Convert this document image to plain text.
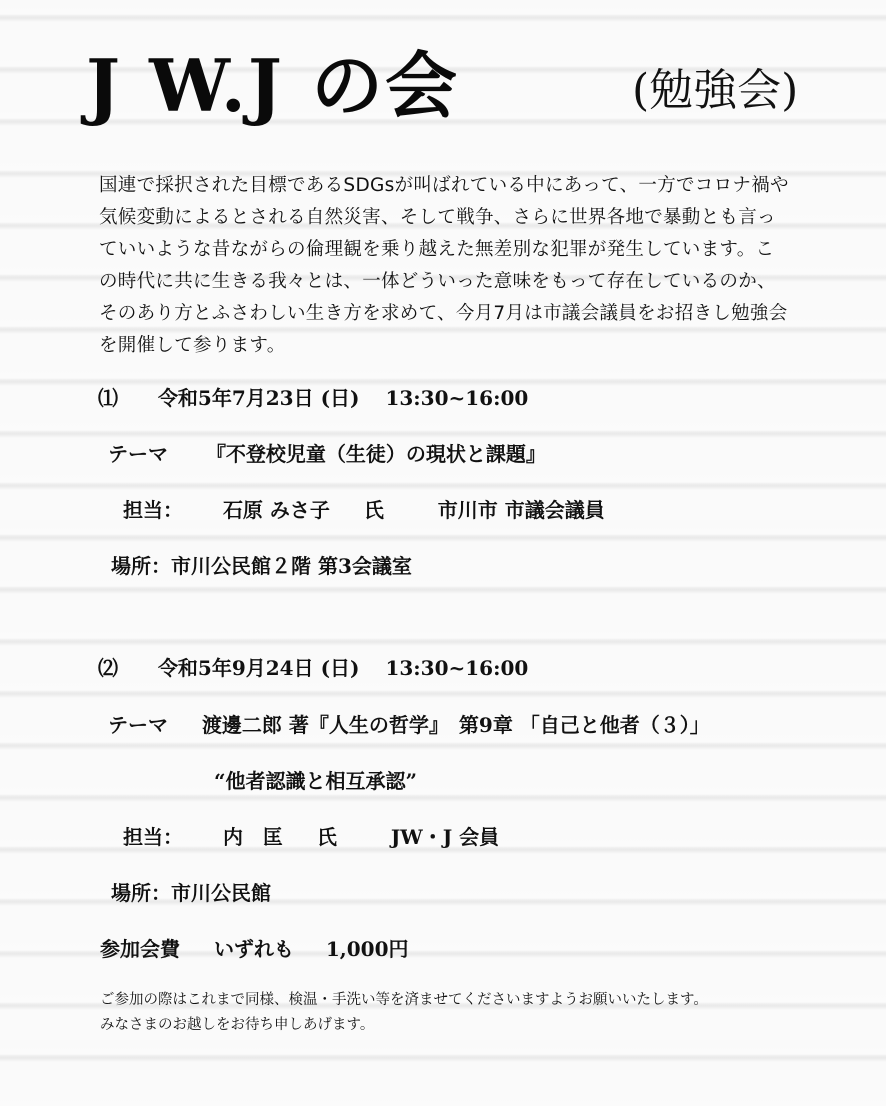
J W.J の会	(勉強会)
国連で採択された目標であるSDGsが叫ばれている中にあって、一方でコロナ禍や気候変動によるとされる自然災害、そして戦争、さらに世界各地で暴動とも言っていいような昔ながらの倫理観を乗り越えた無差別な犯罪が発生しています。この時代に共に生きる我々とは、一体どういった意味をもって存在しているのか、そのあり方とふさわしい生き方を求めて、今月7月は市議会議員をお招きし勉強会を開催して参ります。
⑴ 令和5年7月23日 (日) 13:30~16:00
テーマ 『不登校児童（生徒）の現状と課題』
担当： 石原 みさ子 氏	市川市 市議会議員
場所：市川公民館２階 第3会議室
⑵ 令和5年9月24日 (日) 13:30~16:00
テーマ 渡邊二郎 著『人生の哲学』　第9章 「自己と他者（３）」
“他者認識と相互承認”
担当： 内　匡 氏	JW・J 会員
場所：市川公民館
参加会費 いずれも 1,000円
ご参加の際はこれまで同様、検温・手洗い等を済ませてくださいますようお願いいたします。
みなさまのお越しをお待ち申しあげます。
